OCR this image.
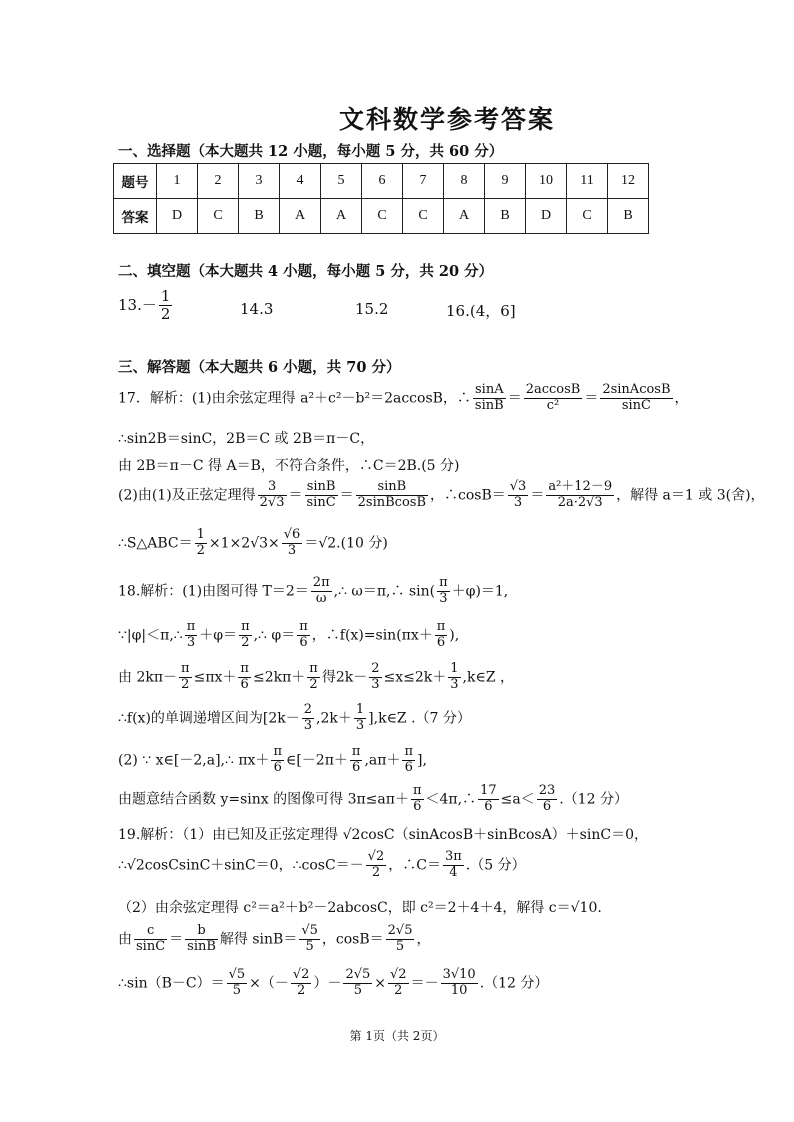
文科数学参考答案
一、选择题（本大题共 12 小题，每小题 5 分，共 60 分）
题号	1	2	3	4	5	6	7	8	9	10	11	12
答案	D	C	B	A	A	C	C	A	B	D	C	B
二、填空题（本大题共 4 小题，每小题 5 分，共 20 分）
$13.- \frac{1}{2}$	14.3	15.2	16.(4，6]
三、解答题（本大题共 6 小题，共 70 分）
17．解析：(1)由余弦定理得 a²＋c²－b²＝2accosB，∴ $\frac{\sin A}{\sin B} = \frac{2accosB}{\text{c²}} = \frac{\text{2sinAcosB}}{\sin C}$ ，
∴sin2B＝sinC，2B＝C 或 2B＝π－C，
由 2B＝π－C 得 A＝B，不符合条件，∴C＝2B.(5 分)
(2)由(1)及正弦定理得 $\frac{3}{2√3} = \frac{\sin B}{\sin C} = \frac{\sin B}{\text{2sinBcosB}}$ ，∴cosB＝ $\frac{√3}{3} = \frac{\text{a²＋12－9}}{2a\cdot 2√3}$ ，解得 a＝1 或 3(舍)，
∴S△ABC＝ $\frac{1}{2} \times 1\times 2√3\times \frac{√6}{3} =√2.(10$ 分)
18.解析：(1)由图可得 $T=2= \frac{2\pi}{\omega}$ ,∴ ω＝π,∴ $\sin( \frac{\pi}{3} +\varphi)=1$,
∵|φ|＜π,∴ $\frac{\pi}{3} +\varphi= \frac{\pi}{2}$ ,∴ $\varphi= \frac{\pi}{6}$ ，∴f(x)=sin(πx＋ $\frac{\pi}{6}$ ),
由 $2k\pi- \frac{\pi}{2} \le\pi x+ \frac{\pi}{6} \le 2k\pi+ \frac{\pi}{2}$ 得$2k- \frac{2}{3} \le x\le 2k+ \frac{1}{3}$ ,k∈Z ，
∴f(x)的单调递增区间为[$2k- \frac{2}{3} ,2k+ \frac{1}{3}$ ],k∈Z .（7 分）
(2) ∵ x∈[－2,a],∴ $\pi x+ \frac{\pi}{6}$ ∈[－2π＋ $\frac{\pi}{6} ,a\pi+ \frac{\pi}{6}$ ],
由题意结合函数 y=sinx 的图像可得 $3\pi\le a\pi+ \frac{\pi}{6}$ ＜4π,∴ $\frac{17}{6} \le a< \frac{23}{6} .(12$ 分）
19.解析：（1）由已知及正弦定理得 √2cosC（sinAcosB＋sinBcosA）＋sinC＝0，
∴√2cosCsinC＋sinC＝0，∴cosC＝－ $\frac{√2}{2}$ ，∴C＝ $\frac{3\pi}{4} .(5$ 分）
（2）由余弦定理得 c²＝a²＋b²－2abcosC，即 c²＝2＋4＋4，解得 c＝√10.
由 $\frac{c}{\sin C} = \frac{b}{\sin B}$ 解得 $\sin B= \frac{√5}{5}$ ，$\cos B= \frac{2√5}{5}$ ，
∴sin（B－C）＝ $\frac{√5}{5}$ ×（－ $\frac{√2}{2}$ ）－ $\frac{2√5}{5} \times \frac{√2}{2} =- \frac{3√10}{10} .(12$ 分）
第 1页（共 2页）
